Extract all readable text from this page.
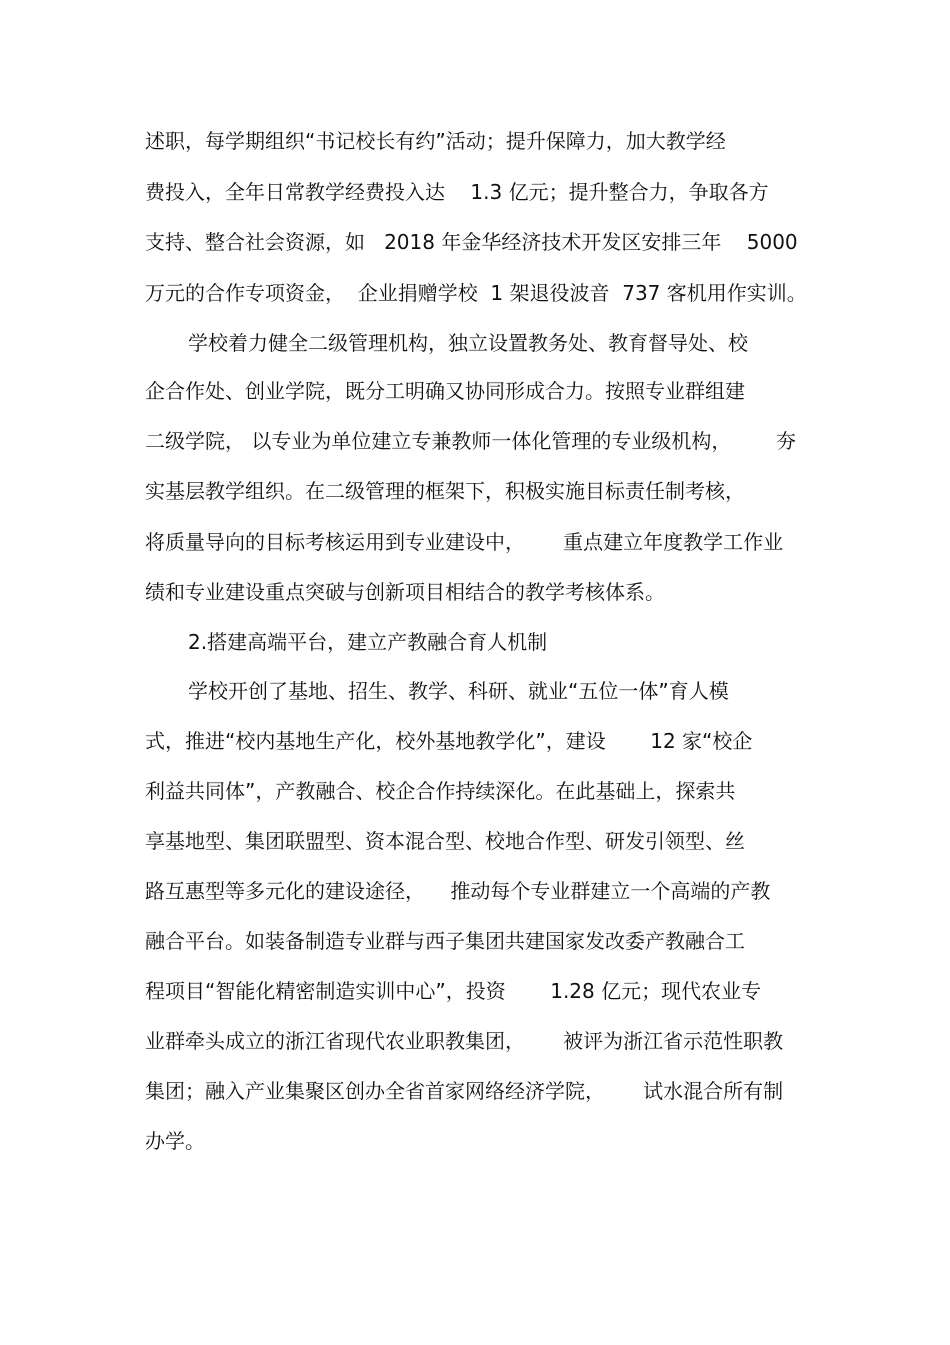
述职，每学期组织“书记校长有约”活动；提升保障力，加大教学经

费投入，全年日常教学经费投入达    1.3 亿元；提升整合力，争取各方

支持、整合社会资源，如   2018 年金华经济技术开发区安排三年    5000

万元的合作专项资金，  企业捐赠学校  1 架退役波音  737 客机用作实训。

学校着力健全二级管理机构，独立设置教务处、教育督导处、校

企合作处、创业学院，既分工明确又协同形成合力。按照专业群组建

二级学院， 以专业为单位建立专兼教师一体化管理的专业级机构，       夯

实基层教学组织。在二级管理的框架下，积极实施目标责任制考核，

将质量导向的目标考核运用到专业建设中，      重点建立年度教学工作业

绩和专业建设重点突破与创新项目相结合的教学考核体系。

2.搭建高端平台，建立产教融合育人机制

学校开创了基地、招生、教学、科研、就业“五位一体”育人模

式，推进“校内基地生产化，校外基地教学化”，建设       12 家“校企

利益共同体”，产教融合、校企合作持续深化。在此基础上，探索共

享基地型、集团联盟型、资本混合型、校地合作型、研发引领型、丝

路互惠型等多元化的建设途径，    推动每个专业群建立一个高端的产教

融合平台。如装备制造专业群与西子集团共建国家发改委产教融合工

程项目“智能化精密制造实训中心”，投资       1.28 亿元；现代农业专

业群牵头成立的浙江省现代农业职教集团，      被评为浙江省示范性职教

集团；融入产业集聚区创办全省首家网络经济学院，      试水混合所有制

办学。
